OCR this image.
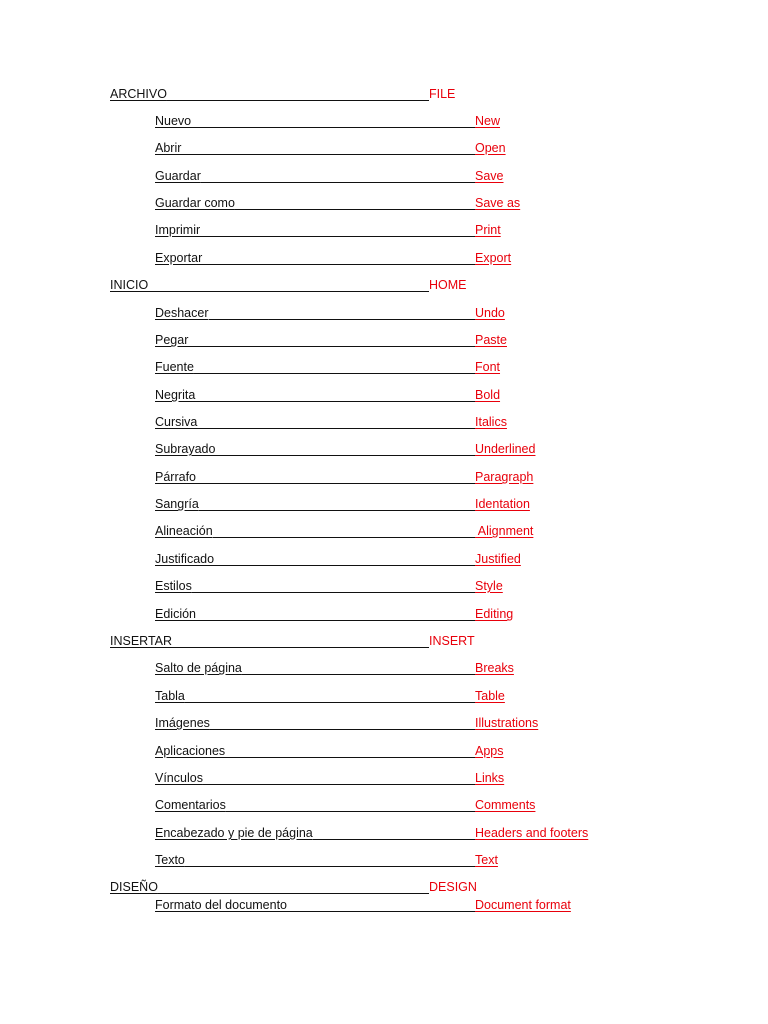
ARCHIVO	FILE
Nuevo	New
Abrir	Open
Guardar	Save
Guardar como	Save as
Imprimir	Print
Exportar	Export
INICIO	HOME
Deshacer	Undo
Pegar	Paste
Fuente	Font
Negrita	Bold
Cursiva	Italics
Subrayado	Underlined
Párrafo	Paragraph
Sangría	Identation
Alineación	Alignment
Justificado	Justified
Estilos	Style
Edición	Editing
INSERTAR	INSERT
Salto de página	Breaks
Tabla	Table
Imágenes	Illustrations
Aplicaciones	Apps
Vínculos	Links
Comentarios	Comments
Encabezado y pie de página	Headers and footers
Texto	Text
DISEÑO	DESIGN
Formato del documento	Document format
